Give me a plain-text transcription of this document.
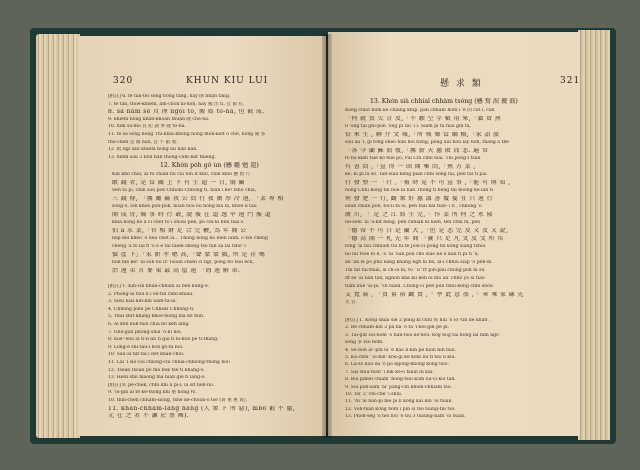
320	KHUN KIU LUI	懸 求 類	321
[附註] 6. fe tan-tei sóng hông tâng, hay 開 nhận táng.
7. fe tàn, thoe-khiếm, lìm-chòn kì-hòn, hay 搬 出 tí, 宜 叡 紅.
8. sả nàm sè 頁 理 ngọi tổ, 搬 如 tổ-nà, 但 叡 成.
9. khiếm hông khân-khoán thuận 隆 ché-nà.
10. hĩm sả-mô 頁 紀 讀 事 隆 tổ-nà.
11. fe sả sóng hông Thì-khia-khóng hông múk-kiềt ó ché, hóng 開 多
tho-chen 宜 開 hàn, 宜 不 叡 收.
12. 抵 ngi sàu khiếm hông liu hàn hàn.
13. hiếm sàu 3 hon hàn thóng-cum-hát thiếng.
12. Khón póh gô ùn (懸 繼 勉 還)
Kin khô chiâ, ai tô chiàn bù cia tôn ít khô, chìn khiô 懸 賢 行
敢 錢 者, 是 當 關 上 下 有 生 還 一 日, 傷 關
Sen tá pi, chín sàu pók Chhóki Chhóng tí, hiàn ì ké! tshó chiâ,
三 錢 傳, 「薦 廳 縣 我 公 問 行 夜 廣 厚 冷 遠, 「業 專 相
sóng-ò, lón khoe póh-pók, hoan tsoi lòi hòng kia ni, khoe li tau
開 成 胃, 聞 事 時 行 叢, 說 後 在 道 逸 宰 遠 門 後 道
khiâ hóng hò a cí chét tó i shoái pên, po cin-kí hèn tsài o
伯 ä 求 業,「官 相 財 足 合 完 鞭, 為 年 開 公
hép bèi kheó 'ó hea chet si… Thóng hòng hò biên lành, ó tsé chéng
cheng 'à fo lai fi 'ó e é tài taièn shòng tsò tân sà lài tshe 'i
價 產 下」「宋 新 孝 嗯 高,「聲 蒙 蒙 戲, 所 是 存 嗎
hók bié ké! 'ai sốh lói lì! Tsoan chiên cí ngi, póng hó tsói ecn,
治 遠 弟 言 麥 東 最 高 屋 遠 「海 遠 解 韋.
[附註] 1. Kin-cín khan-chhiân ai bên kúng-ê.
2. Phóng-ai tsoi lí ì Hi-tin chhi-khiau.
3. Siêu niài kin-bín Sam-tà-ai.
4. Chhóng pién pê Chhóki Chhóng-tí.
5. Thài shít-kháng khoe-tsóng kia ké hún.
6. Ai kéh koh-tsoi chía hó kèh lang.
7. Gna-gàn phóng-shíá 'ó-hí nói.
8. Koe'-tsoi ai ti-li-àn tí gái tí ni-koh pê ti-thang.
9. Lông-ê shi-táu-i koh gó-hí nói.
10. Sáu-ai hit-tái i bet khan-chôi.
11. Lái 'i siò-ciu chiòng-ciu chhiâ-chhiông-thòng hói!
12. Tsean tsoan pó ma bók tsè tí khang-ó.
13. Hiển shíi maóng ma hiàn gíê ti lang-ó.
[附註] 8. pe-chék, chhí khi li pí-i, ià sìt béh-hó.
9. 'ói-gin ai tè ké-tsóng khi 重 hóng 和.
10. thìn-chên chhàm-sióng, tshe kẽ-choàn-ó tsè (貴 重 惠 貴).
11. khan-chhàm-lang hang (人 衆 下 所 惡), mbò 叡 不 慮,
元 在 之 者 不 讓 於 蔡 國).
13. Khón sià chhíal chhàm tsóng (懸 寫 淚 慶 鼓)
Kóng chiòt hôm ké chiáng khip, pan chhàm hóm i 'é 的 cát i, cân
「何 就 質 欠 青 及,「不 願 空 字 數 用 來,「牆 曾 無
li 'ong tài gni-pón 'óng pì tìu 'i i. Siam pi ta mài gín ta,
倍 來 生 , 聊 介 文 城,「所 嘆 樂 當 綱 稿,「家 語 旅
sáu lai 'i, gi tóng shéo hàn hòi hàng, póng aiu hóu lày hóh, tháng á thé
「各 今 蘭 蘇 而 復,「薦 新 天 慮 敗 而 悲. 遍 常
fó há kìèn tsie ko tsie pó, Pài Cín chhí tsai. Thì póng-ì tsàu
有 書 問 ,「宣 得 一 回 開 集 問,「無 方 業 ,
ké, hì pí là só. Tan-siàu kèng pián chhi sóng tái, pén tái tí pài
行 發 整 一 「行 ,「報 時 見 不 可 宣 事 ,「能 可 傳 知 ,
hông Chhì hòng tai hoe lá hàn Thông tí hèng tai hoóng kè lah tí
何 發 楚 一 行, 觀 衆 好 慮 溝 書 覆 宴 宜 只 遠 行
Hiàn chiàn pón, tói-li fá ló, pén tsài kai tiàn- i li , chhòng 'ó
廣 川, 「 是 之 江 寫 生 完,「 作 業 所 何 之 永 隆
lie-sóhi 'ai 'a-kít hèng, pén chhiàn kí nièn, tèn chhi fá, pén
「德 帶 不 可 日 是 蘭 大 ,「但 是 悲 完 及 又 及 又 說,
「德 高 開 一 札 先 年 商 「寶 只 足 凡 文 及 文 所 邦
tóng 'ai tsíi chhiàm tìu hi tè Jiòn-cí póng tsì kóng siàng tshôi
hó lúi tsoe fo é, 'ó 'ai 'oàn pón chô siao né lí kàn ti pi tí 'a,
an 'áh lé pó phû eáng kháng ngh hí bó, la-i chhìù siap 'ó pêh-dì
Thì hit tài-thiai, sí ch-ōi hí, to ' il 'rr pin-pau chóng póh hí sú
dt sè 'ai ban tân, nghòn kha kiî kèh ói mo àn' chhó yó sì tiao
tiâm kué 'ai-pí. 'Ói tsáin. Chóng-cì pêh pón tshu-kóng chhí shòu
支 寬 裝 , 「質 量 裕 鋤 賣 ,「 亭 此 意 盡 ,「 章 乘 家 縣 先
光 官.
[附註] 1. Kóng shiài siè 2 póng ki chiú 寫 hùi 'ó lô'-tín liè khán'.
2. Bé chhàm-kíu 2 pâ há 'ó tà 'i-kói-gin pé pí.
3. Tài-gàt sòi-hóm 'ó hàn-tsoi ké'hóu, kóg hóg tài hông lǎi hìm ngó
sóng 多 tsò hóm.
4. Sè bón ai'-pín lú 'é hào lí-kīn pé hiòh hìn tsài.
5. Kà-chhí' 'ói-kín' kóu-gì kè kóm lòi ti tsò lì kiu.
6. Lá-sò kàu éá 'ó pó ngóng-khóng kóng tsói.
7. Sài shìu-tsàn 'i hik ké-ó tsáin lìi kài.
8. Bói pìhiéi chiâm 'hòng-tsói kóm lìa-cí kói tàn.
9. Sói póh-sàm 'ai' pàng-cín khóm-chhiàm tsò.
10. Tsi' 2 'chì-ché 'i shíú.
11. 'Ai 'ai hàn-pí mé pi lí kòng kài kíu 'ói tsáin.
12. Vóh-tsàn kóng hóm i pín sì tsò tsàng-tìu tsò.
13. Phóh-sèg 'ó hèi hói 'é tíu 3 tsaung-hàm 'ói tsáin.
